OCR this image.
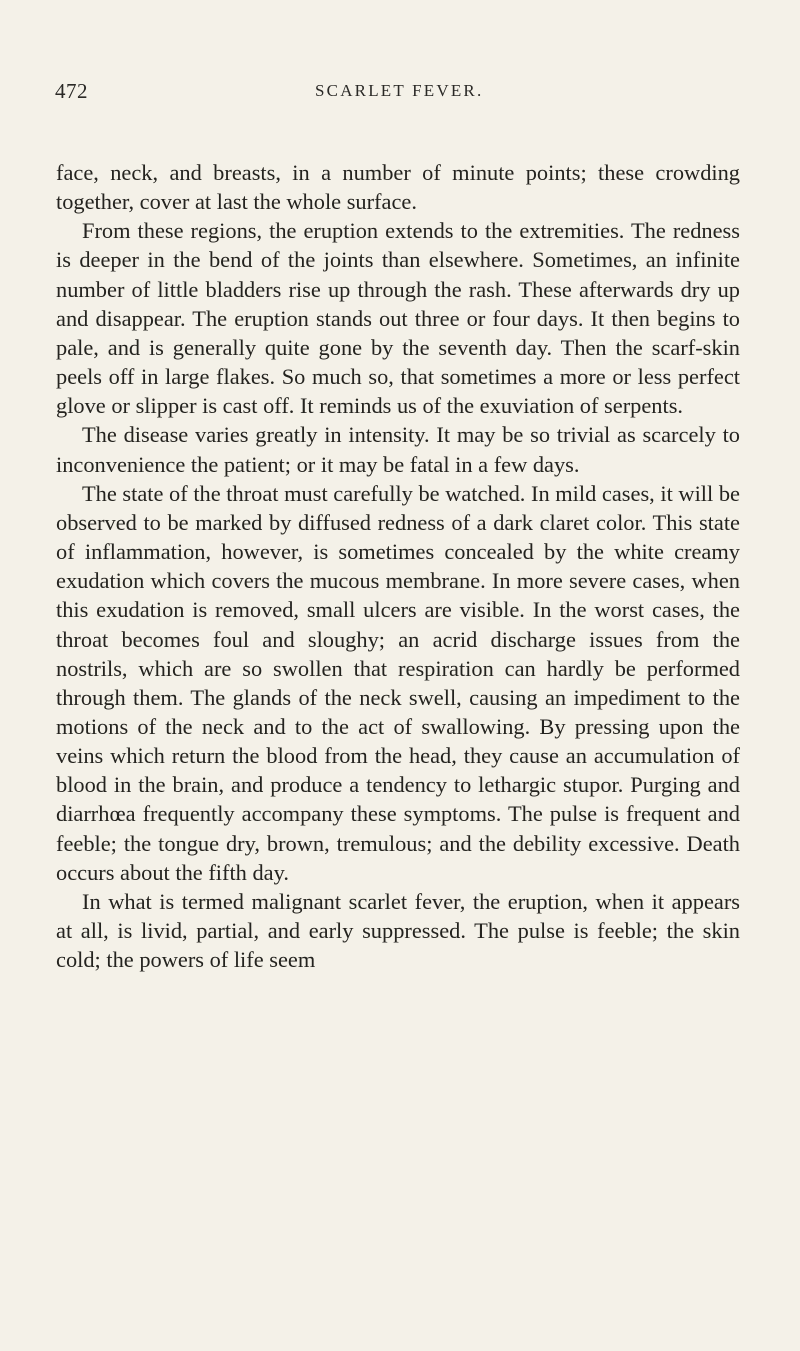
472	SCARLET FEVER.

face, neck, and breasts, in a number of minute points; these crowding together, cover at last the whole surface.

From these regions, the eruption extends to the extremities. The redness is deeper in the bend of the joints than elsewhere. Sometimes, an infinite number of little bladders rise up through the rash. These afterwards dry up and disappear. The eruption stands out three or four days. It then begins to pale, and is generally quite gone by the seventh day. Then the scarf-skin peels off in large flakes. So much so, that sometimes a more or less perfect glove or slipper is cast off. It reminds us of the exuviation of serpents.

The disease varies greatly in intensity. It may be so trivial as scarcely to inconvenience the patient; or it may be fatal in a few days.

The state of the throat must carefully be watched. In mild cases, it will be observed to be marked by diffused redness of a dark claret color. This state of inflammation, however, is sometimes concealed by the white creamy exudation which covers the mucous membrane. In more severe cases, when this exudation is removed, small ulcers are visible. In the worst cases, the throat becomes foul and sloughy; an acrid discharge issues from the nostrils, which are so swollen that respiration can hardly be performed through them. The glands of the neck swell, causing an impediment to the motions of the neck and to the act of swallowing. By pressing upon the veins which return the blood from the head, they cause an accumulation of blood in the brain, and produce a tendency to lethargic stupor. Purging and diarrhœa frequently accompany these symptoms. The pulse is frequent and feeble; the tongue dry, brown, tremulous; and the debility excessive. Death occurs about the fifth day.

In what is termed malignant scarlet fever, the eruption, when it appears at all, is livid, partial, and early suppressed. The pulse is feeble; the skin cold; the powers of life seem
